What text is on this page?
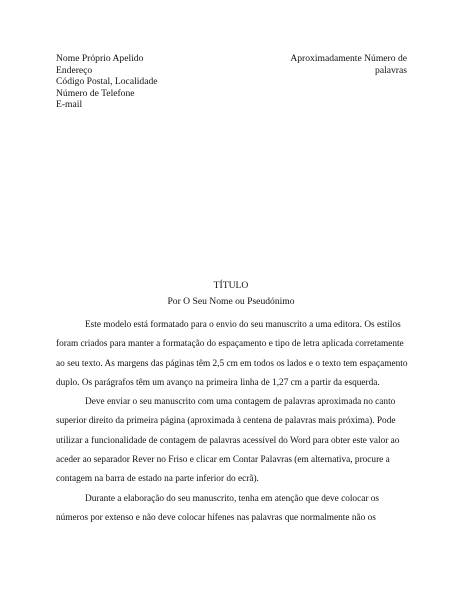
Nome Próprio Apelido
Endereço
Código Postal, Localidade
Número de Telefone
E-mail
Aproximadamente Número de palavras
TÍTULO
Por O Seu Nome ou Pseudónimo

Este modelo está formatado para o envio do seu manuscrito a uma editora. Os estilos foram criados para manter a formatação do espaçamento e tipo de letra aplicada corretamente ao seu texto. As margens das páginas têm 2,5 cm em todos os lados e o texto tem espaçamento duplo. Os parágrafos têm um avanço na primeira linha de 1,27 cm a partir da esquerda.

Deve enviar o seu manuscrito com uma contagem de palavras aproximada no canto superior direito da primeira página (aproximada à centena de palavras mais próxima). Pode utilizar a funcionalidade de contagem de palavras acessível do Word para obter este valor ao aceder ao separador Rever no Friso e clicar em Contar Palavras (em alternativa, procure a contagem na barra de estado na parte inferior do ecrã).

Durante a elaboração do seu manuscrito, tenha em atenção que deve colocar os números por extenso e não deve colocar hífenes nas palavras que normalmente não os
